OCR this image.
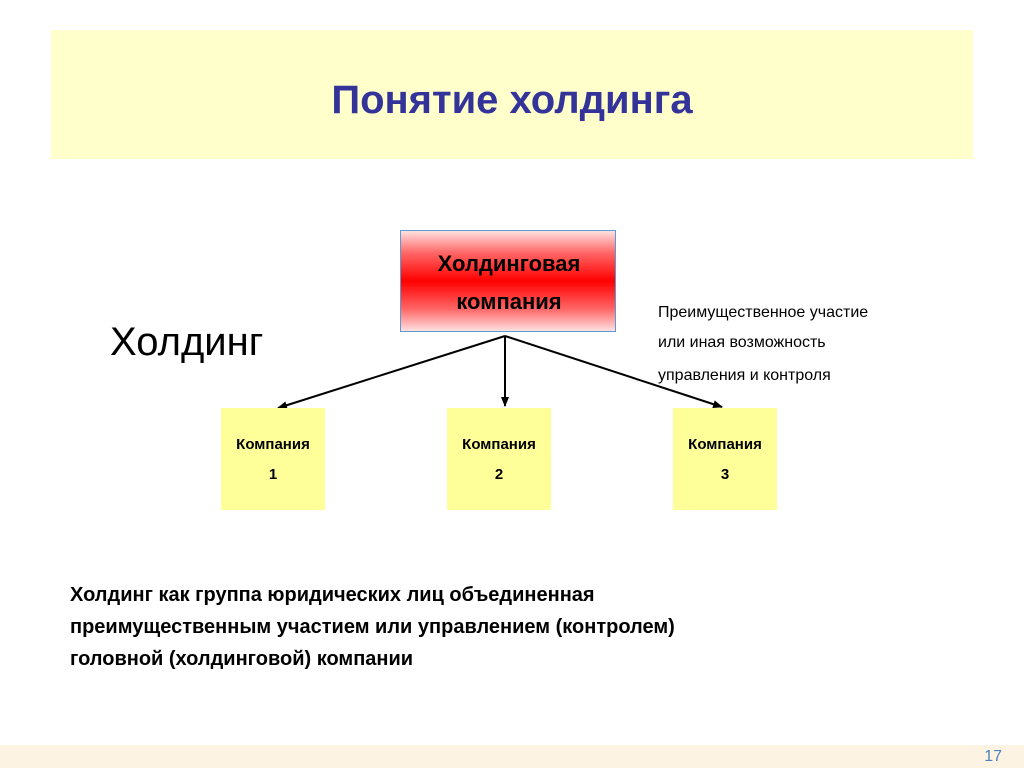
Понятие холдинга
Холдинговая
компания
Холдинг
Преимущественное участие
или иная возможность
управления и контроля
Компания
1
Компания
2
Компания
3
Холдинг как группа юридических лиц объединенная
преимущественным участием или управлением (контролем)
головной (холдинговой) компании
17
